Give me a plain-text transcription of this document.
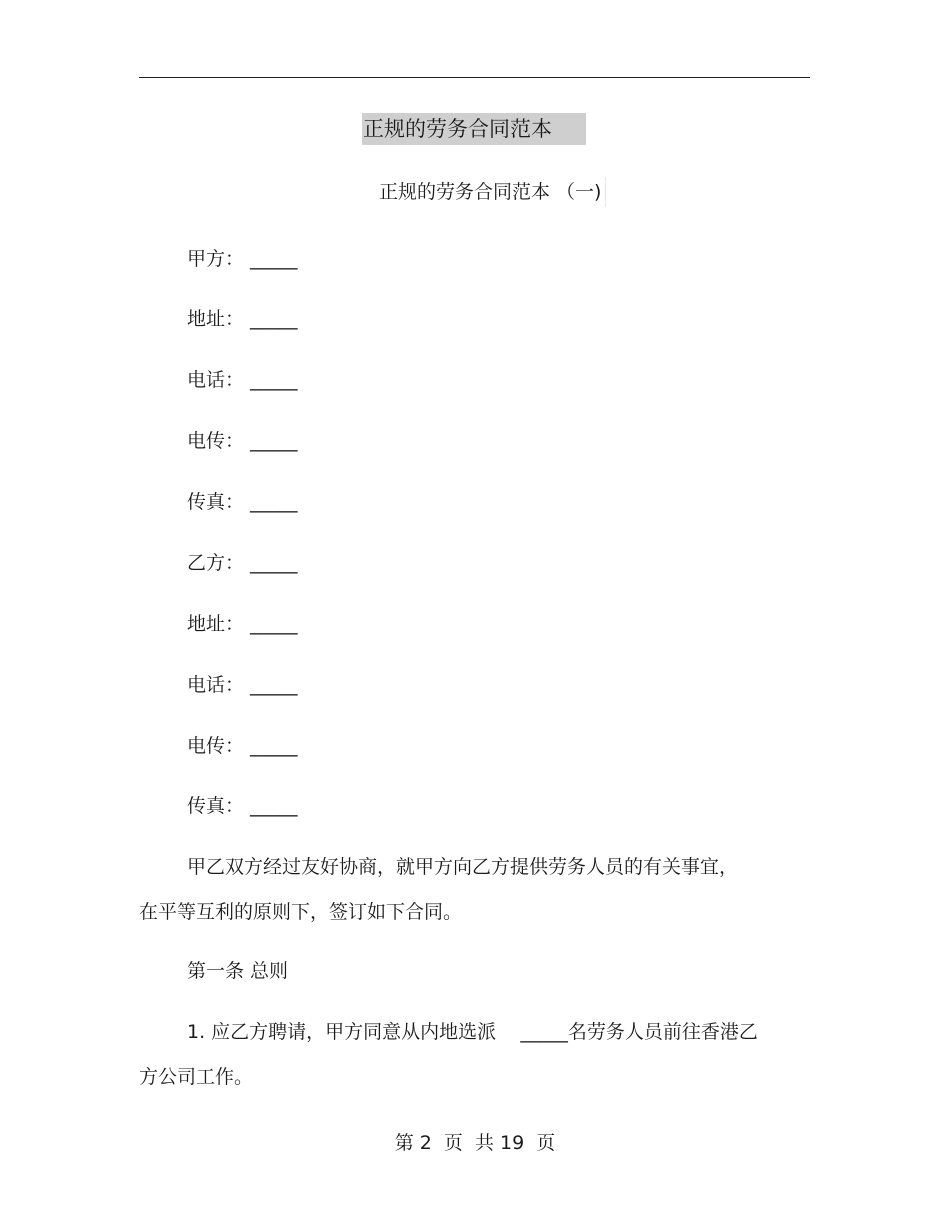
正规的劳务合同范本
正规的劳务合同范本 （一)
甲方： _____
地址： _____
电话： _____
电传： _____
传真： _____
乙方： _____
地址： _____
电话： _____
电传： _____
传真： _____
甲乙双方经过友好协商，就甲方向乙方提供劳务人员的有关事宜，
在平等互利的原则下，签订如下合同。
第一条 总则
1. 应乙方聘请，甲方同意从内地选派    _____名劳务人员前往香港乙
方公司工作。
第 2  页  共 19  页
